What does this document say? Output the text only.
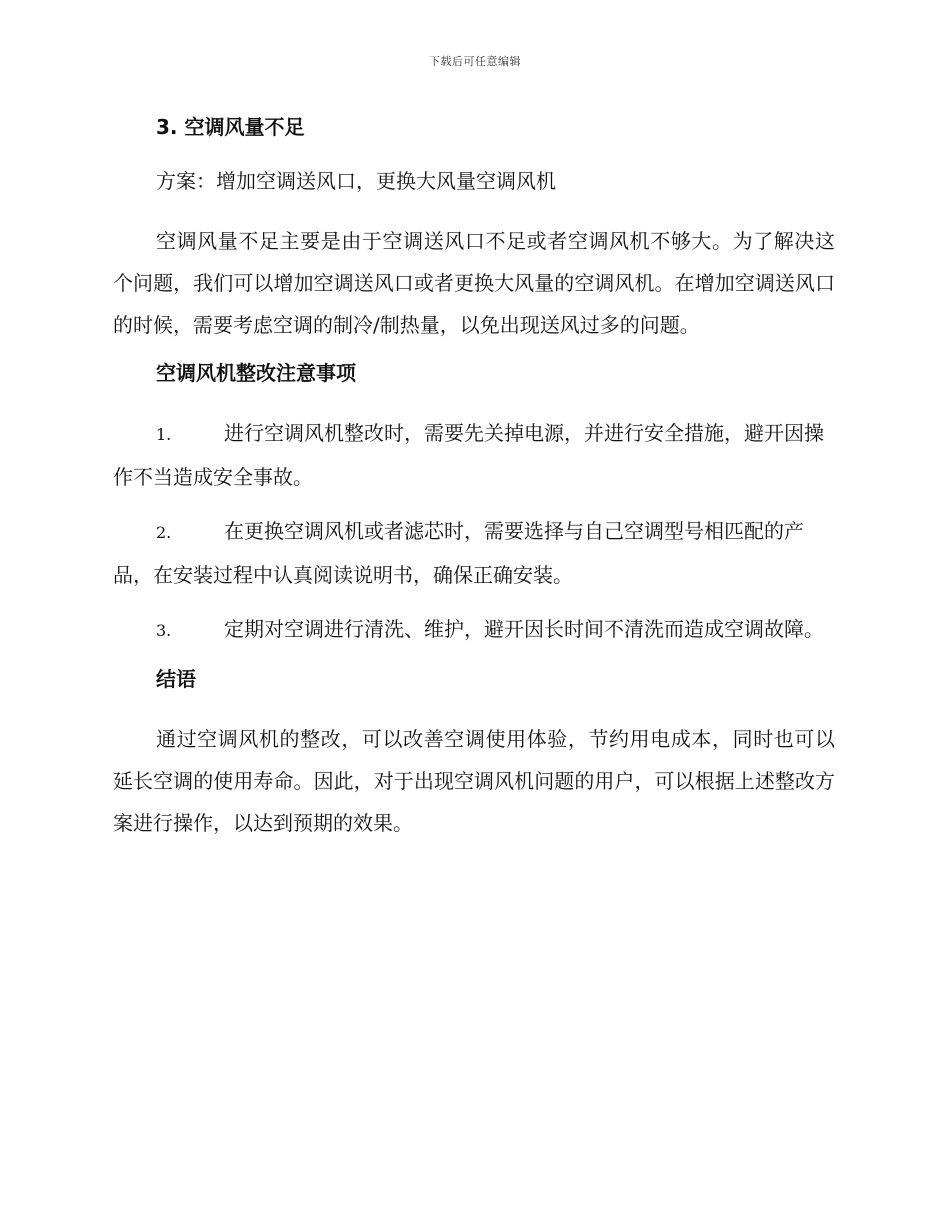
下载后可任意编辑
3. 空调风量不足
方案：增加空调送风口，更换大风量空调风机
空调风量不足主要是由于空调送风口不足或者空调风机不够大。为了解决这个问题，我们可以增加空调送风口或者更换大风量的空调风机。在增加空调送风口的时候，需要考虑空调的制冷/制热量，以免出现送风过多的问题。
空调风机整改注意事项
1.	进行空调风机整改时，需要先关掉电源，并进行安全措施，避开因操作不当造成安全事故。
2.	在更换空调风机或者滤芯时，需要选择与自己空调型号相匹配的产品，在安装过程中认真阅读说明书，确保正确安装。
3.	定期对空调进行清洗、维护，避开因长时间不清洗而造成空调故障。
结语
通过空调风机的整改，可以改善空调使用体验，节约用电成本，同时也可以延长空调的使用寿命。因此，对于出现空调风机问题的用户，可以根据上述整改方案进行操作，以达到预期的效果。
